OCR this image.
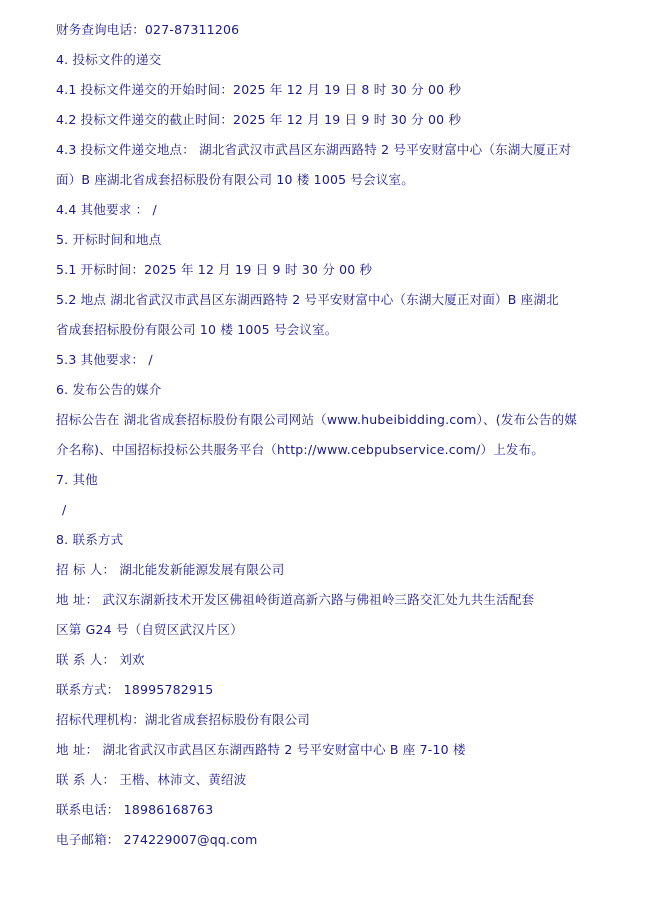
财务查询电话：027-87311206
4. 投标文件的递交
4.1 投标文件递交的开始时间：2025 年 12 月 19 日 8 时 30 分 00 秒
4.2 投标文件递交的截止时间：2025 年 12 月 19 日 9 时 30 分 00 秒
4.3 投标文件递交地点： 湖北省武汉市武昌区东湖西路特 2 号平安财富中心（东湖大厦正对
面）B 座湖北省成套招标股份有限公司 10 楼 1005 号会议室。
4.4 其他要求 ： /
5. 开标时间和地点
5.1 开标时间：2025 年 12 月 19 日 9 时 30 分 00 秒
5.2 地点 湖北省武汉市武昌区东湖西路特 2 号平安财富中心（东湖大厦正对面）B 座湖北
省成套招标股份有限公司 10 楼 1005 号会议室。
5.3 其他要求： /
6. 发布公告的媒介
招标公告在 湖北省成套招标股份有限公司网站（www.hubeibidding.com）、(发布公告的媒
介名称)、中国招标投标公共服务平台（http://www.cebpubservice.com/）上发布。
7. 其他
/
8. 联系方式
招 标 人： 湖北能发新能源发展有限公司
地 址： 武汉东湖新技术开发区佛祖岭街道高新六路与佛祖岭三路交汇处九共生活配套
区第 G24 号（自贸区武汉片区）
联 系 人： 刘欢
联系方式： 18995782915
招标代理机构：湖北省成套招标股份有限公司
地 址： 湖北省武汉市武昌区东湖西路特 2 号平安财富中心 B 座 7-10 楼
联 系 人： 王楷、林沛文、黄绍波
联系电话： 18986168763
电子邮箱： 274229007@qq.com
